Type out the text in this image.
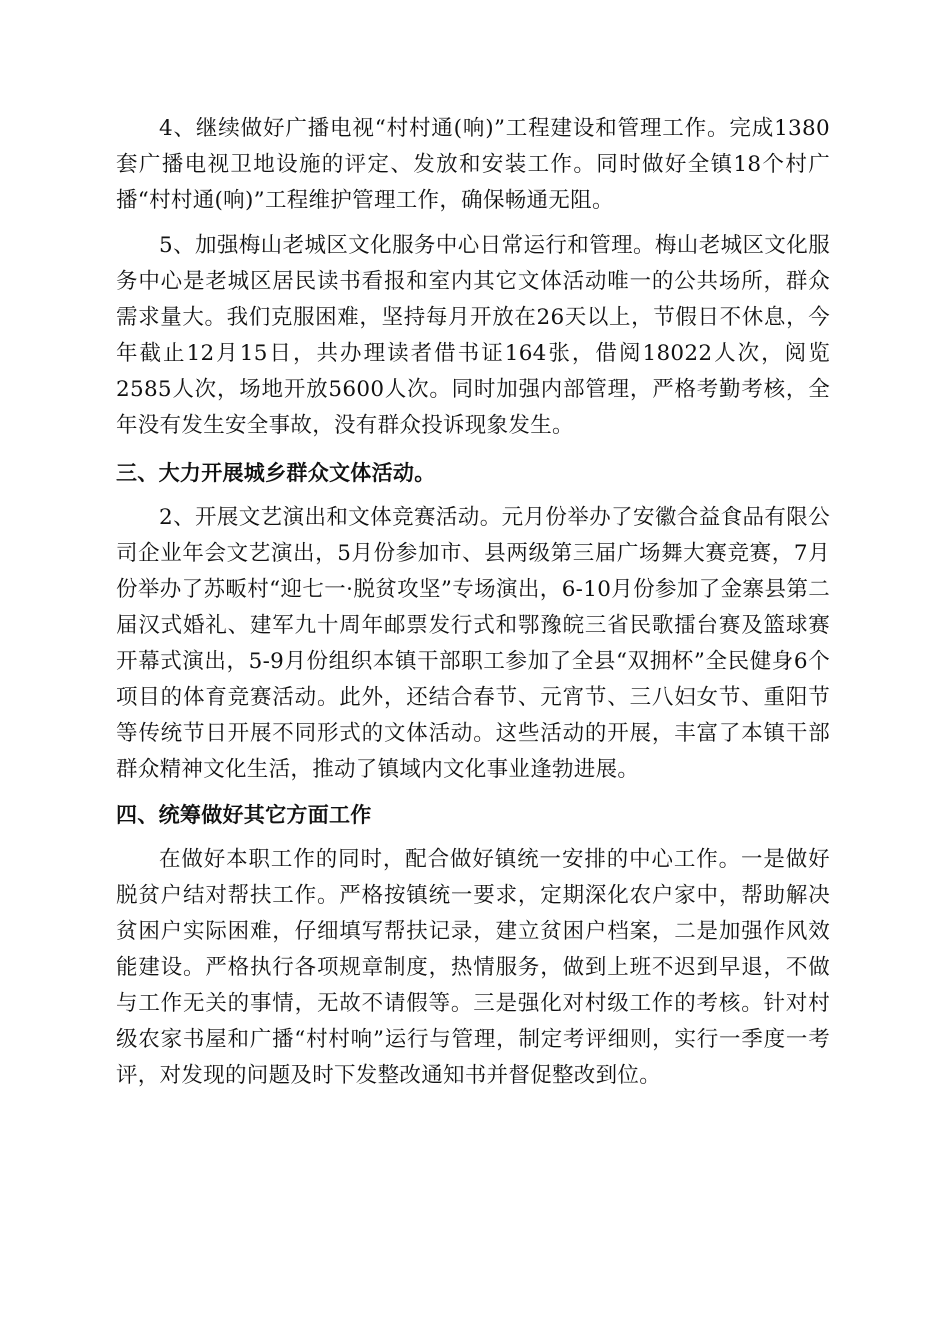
4、继续做好广播电视“村村通(响)”工程建设和管理工作。完成1380套广播电视卫地设施的评定、发放和安装工作。同时做好全镇18个村广播“村村通(响)”工程维护管理工作，确保畅通无阻。

5、加强梅山老城区文化服务中心日常运行和管理。梅山老城区文化服务中心是老城区居民读书看报和室内其它文体活动唯一的公共场所，群众需求量大。我们克服困难，坚持每月开放在26天以上，节假日不休息，今年截止12月15日，共办理读者借书证164张，借阅18022人次，阅览2585人次，场地开放5600人次。同时加强内部管理，严格考勤考核，全年没有发生安全事故，没有群众投诉现象发生。

三、大力开展城乡群众文体活动。

2、开展文艺演出和文体竞赛活动。元月份举办了安徽合益食品有限公司企业年会文艺演出，5月份参加市、县两级第三届广场舞大赛竞赛，7月份举办了苏畈村“迎七一·脱贫攻坚”专场演出，6-10月份参加了金寨县第二届汉式婚礼、建军九十周年邮票发行式和鄂豫皖三省民歌擂台赛及篮球赛开幕式演出，5-9月份组织本镇干部职工参加了全县“双拥杯”全民健身6个项目的体育竞赛活动。此外，还结合春节、元宵节、三八妇女节、重阳节等传统节日开展不同形式的文体活动。这些活动的开展，丰富了本镇干部群众精神文化生活，推动了镇域内文化事业逢勃进展。

四、统筹做好其它方面工作

在做好本职工作的同时，配合做好镇统一安排的中心工作。一是做好脱贫户结对帮扶工作。严格按镇统一要求，定期深化农户家中，帮助解决贫困户实际困难，仔细填写帮扶记录，建立贫困户档案，二是加强作风效能建设。严格执行各项规章制度，热情服务，做到上班不迟到早退，不做与工作无关的事情，无故不请假等。三是强化对村级工作的考核。针对村级农家书屋和广播“村村响”运行与管理，制定考评细则，实行一季度一考评，对发现的问题及时下发整改通知书并督促整改到位。
